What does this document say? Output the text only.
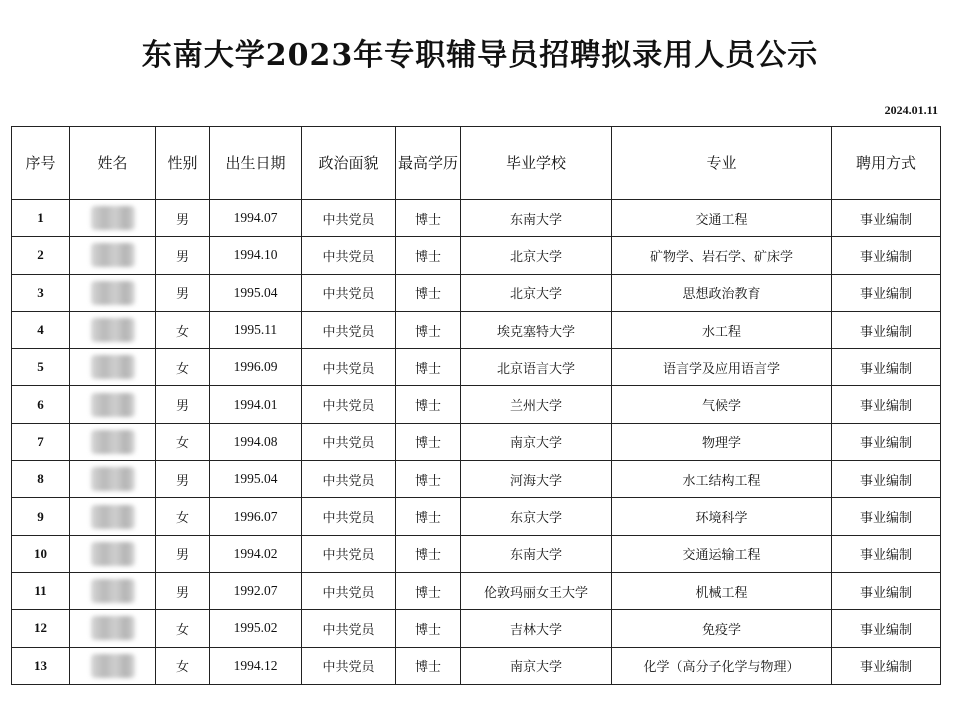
东南大学2023年专职辅导员招聘拟录用人员公示
2024.01.11
序号	姓名	性别	出生日期	政治面貌	最高学历	毕业学校	专业	聘用方式
1		男	1994.07	中共党员	博士	东南大学	交通工程	事业编制
2		男	1994.10	中共党员	博士	北京大学	矿物学、岩石学、矿床学	事业编制
3		男	1995.04	中共党员	博士	北京大学	思想政治教育	事业编制
4		女	1995.11	中共党员	博士	埃克塞特大学	水工程	事业编制
5		女	1996.09	中共党员	博士	北京语言大学	语言学及应用语言学	事业编制
6		男	1994.01	中共党员	博士	兰州大学	气候学	事业编制
7		女	1994.08	中共党员	博士	南京大学	物理学	事业编制
8		男	1995.04	中共党员	博士	河海大学	水工结构工程	事业编制
9		女	1996.07	中共党员	博士	东京大学	环境科学	事业编制
10		男	1994.02	中共党员	博士	东南大学	交通运输工程	事业编制
11		男	1992.07	中共党员	博士	伦敦玛丽女王大学	机械工程	事业编制
12		女	1995.02	中共党员	博士	吉林大学	免疫学	事业编制
13		女	1994.12	中共党员	博士	南京大学	化学（高分子化学与物理）	事业编制
